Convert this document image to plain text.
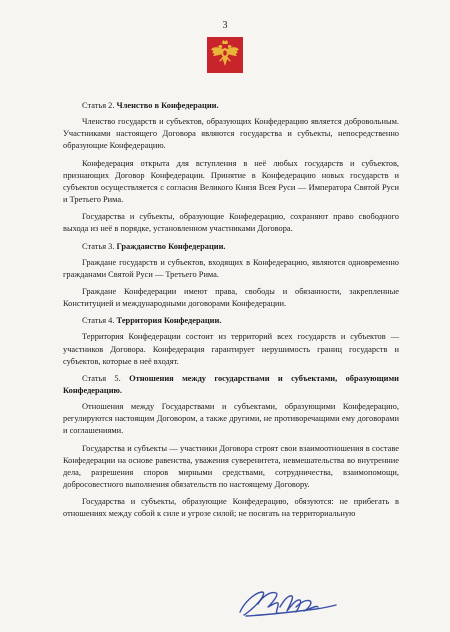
3

Статья 2. Членство в Конфедерации.

Членство государств и субъектов, образующих Конфедерацию является добровольным. Участниками настоящего Договора являются государства и субъекты, непосредственно образующие Конфедерацию.

Конфедерация открыта для вступления в неё любых государств и субъектов, признающих Договор Конфедерации. Принятие в Конфедерацию новых государств и субъектов осуществляется с согласия Великого Князя Всея Руси — Императора Святой Руси и Третьего Рима.

Государства и субъекты, образующие Конфедерацию, сохраняют право свободного выхода из неё в порядке, установленном участниками Договора.

Статья 3. Гражданство Конфедерации.

Граждане государств и субъектов, входящих в Конфедерацию, являются одновременно гражданами Святой Руси — Третьего Рима.

Граждане Конфедерации имеют права, свободы и обязанности, закрепленные Конституцией и международными договорами Конфедерации.

Статья 4. Территория Конфедерации.

Территория Конфедерации состоит из территорий всех государств и субъектов — участников Договора. Конфедерация гарантирует нерушимость границ государств и субъектов, которые в неё входят.

Статья 5. Отношения между государствами и субъектами, образующими Конфедерацию.

Отношения между Государствами и субъектами, образующими Конфедерацию, регулируются настоящим Договором, а также другими, не противоречащими ему договорами и соглашениями.

Государства и субъекты — участники Договора строят свои взаимоотношения в составе Конфедерации на основе равенства, уважения суверенитета, невмешательства во внутренние дела, разрешения споров мирными средствами, сотрудничества, взаимопомощи, добросовестного выполнения обязательств по настоящему Договору.

Государства и субъекты, образующие Конфедерацию, обязуются: не прибегать в отношениях между собой к силе и угрозе силой; не посягать на территориальную
